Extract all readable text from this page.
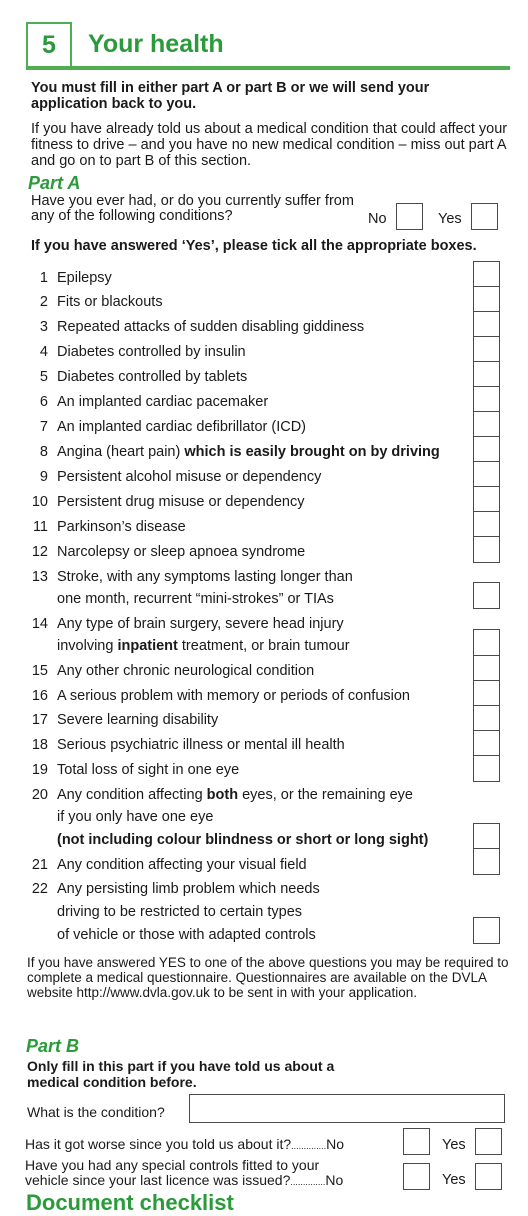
5	Your health
You must fill in either part A or part B or we will send your application back to you.
If you have already told us about a medical condition that could affect your fitness to drive – and you have no new medical condition – miss out part A and go on to part B of this section.
Part A
Have you ever had, or do you currently suffer from
any of the following conditions?	No	Yes
If you have answered ‘Yes’, please tick all the appropriate boxes.
1 Epilepsy
2 Fits or blackouts
3 Repeated attacks of sudden disabling giddiness
4 Diabetes controlled by insulin
5 Diabetes controlled by tablets
6 An implanted cardiac pacemaker
7 An implanted cardiac defibrillator (ICD)
8 Angina (heart pain) which is easily brought on by driving
9 Persistent alcohol misuse or dependency
10 Persistent drug misuse or dependency
11 Parkinson’s disease
12 Narcolepsy or sleep apnoea syndrome
13 Stroke, with any symptoms lasting longer than
one month, recurrent “mini-strokes” or TIAs
14 Any type of brain surgery, severe head injury
involving inpatient treatment, or brain tumour
15 Any other chronic neurological condition
16 A serious problem with memory or periods of confusion
17 Severe learning disability
18 Serious psychiatric illness or mental ill health
19 Total loss of sight in one eye
20 Any condition affecting both eyes, or the remaining eye
if you only have one eye
(not including colour blindness or short or long sight)
21 Any condition affecting your visual field
22 Any persisting limb problem which needs
driving to be restricted to certain types
of vehicle or those with adapted controls
If you have answered YES to one of the above questions you may be required to complete a medical questionnaire. Questionnaires are available on the DVLA website http://www.dvla.gov.uk to be sent in with your application.
Part B
Only fill in this part if you have told us about a medical condition before.
What is the condition?
Has it got worse since you told us about it?..............No	Yes
Have you had any special controls fitted to your
vehicle since your last licence was issued?..............No	Yes
Document checklist
